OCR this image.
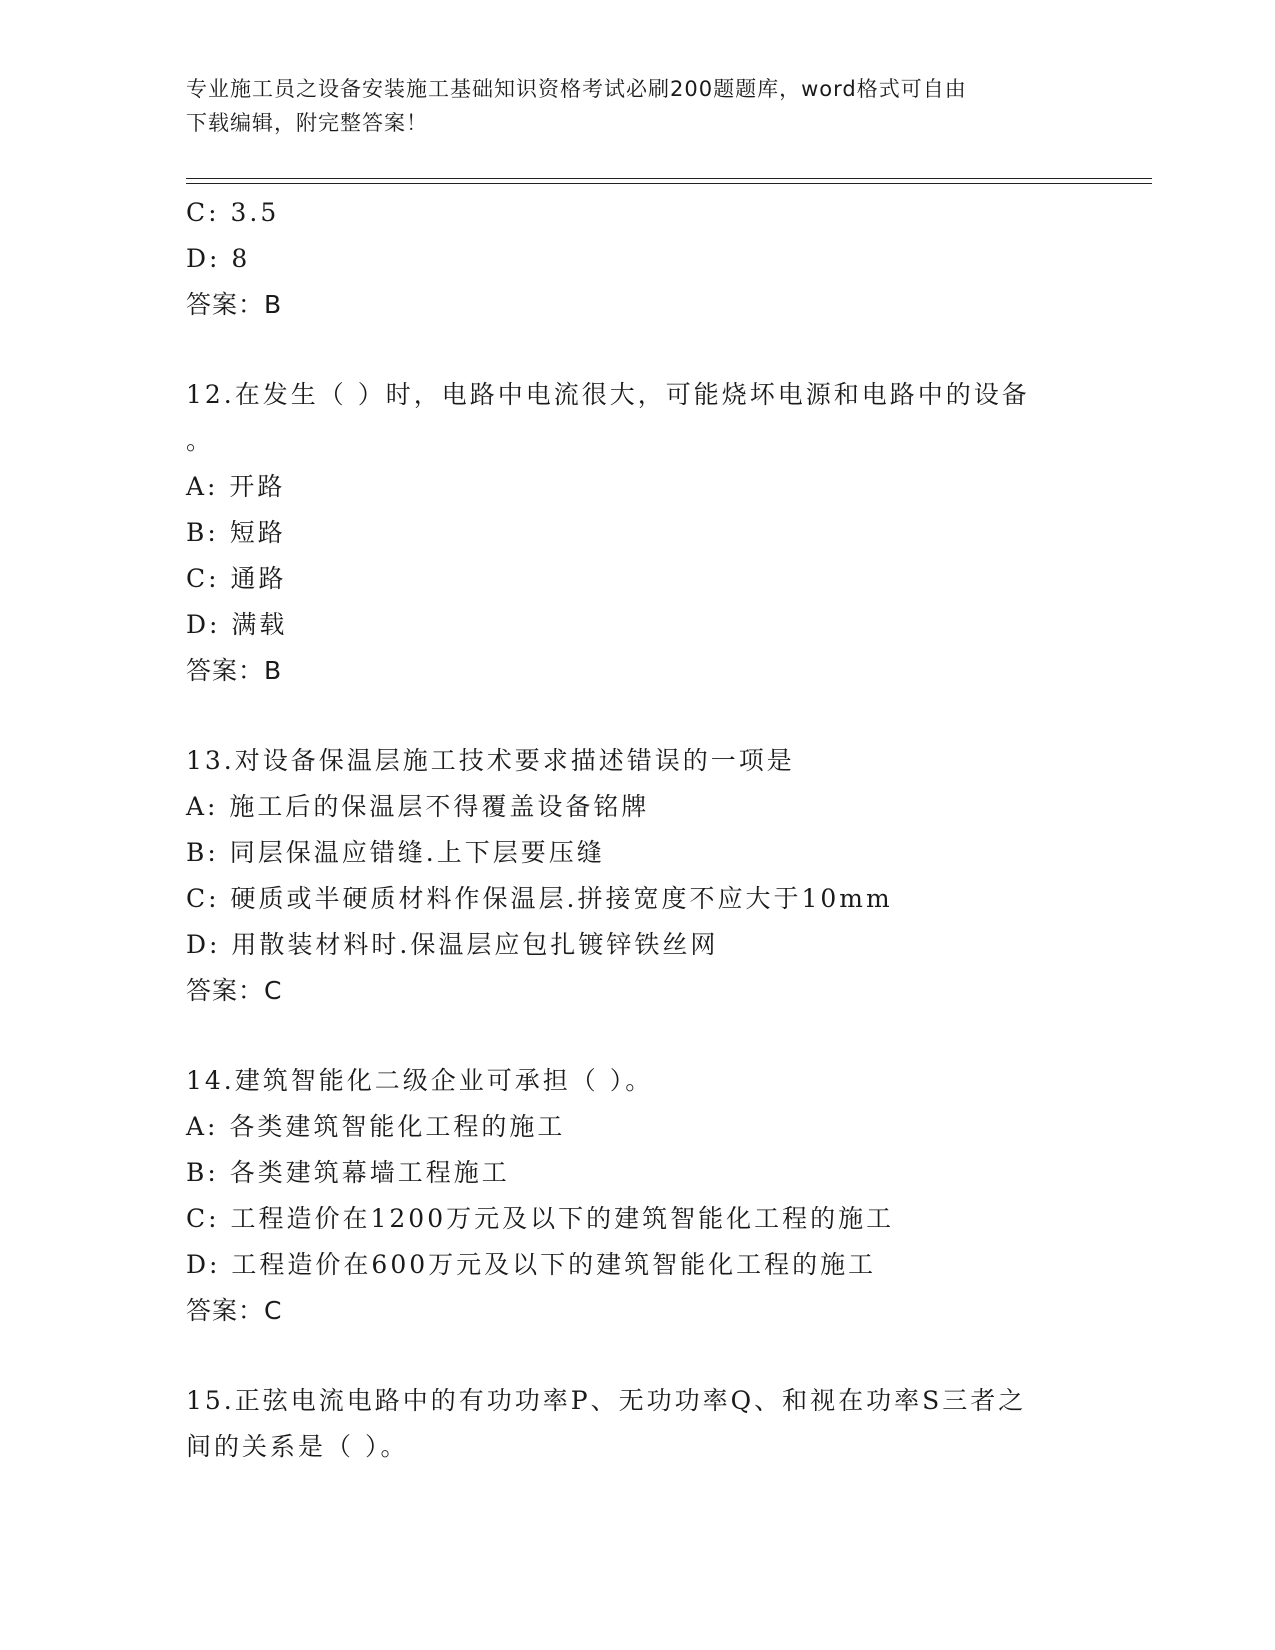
专业施工员之设备安装施工基础知识资格考试必刷200题题库，word格式可自由
下载编辑，附完整答案！
C: 3.5
D: 8
答案：B
12.在发生（ ）时，电路中电流很大，可能烧坏电源和电路中的设备
。
A: 开路
B: 短路
C: 通路
D: 满载
答案：B
13.对设备保温层施工技术要求描述错误的一项是
A: 施工后的保温层不得覆盖设备铭牌
B: 同层保温应错缝.上下层要压缝
C: 硬质或半硬质材料作保温层.拼接宽度不应大于10mm
D: 用散装材料时.保温层应包扎镀锌铁丝网
答案：C
14.建筑智能化二级企业可承担（ ）。
A: 各类建筑智能化工程的施工
B: 各类建筑幕墙工程施工
C: 工程造价在1200万元及以下的建筑智能化工程的施工
D: 工程造价在600万元及以下的建筑智能化工程的施工
答案：C
15.正弦电流电路中的有功功率P、无功功率Q、和视在功率S三者之
间的关系是（ ）。
